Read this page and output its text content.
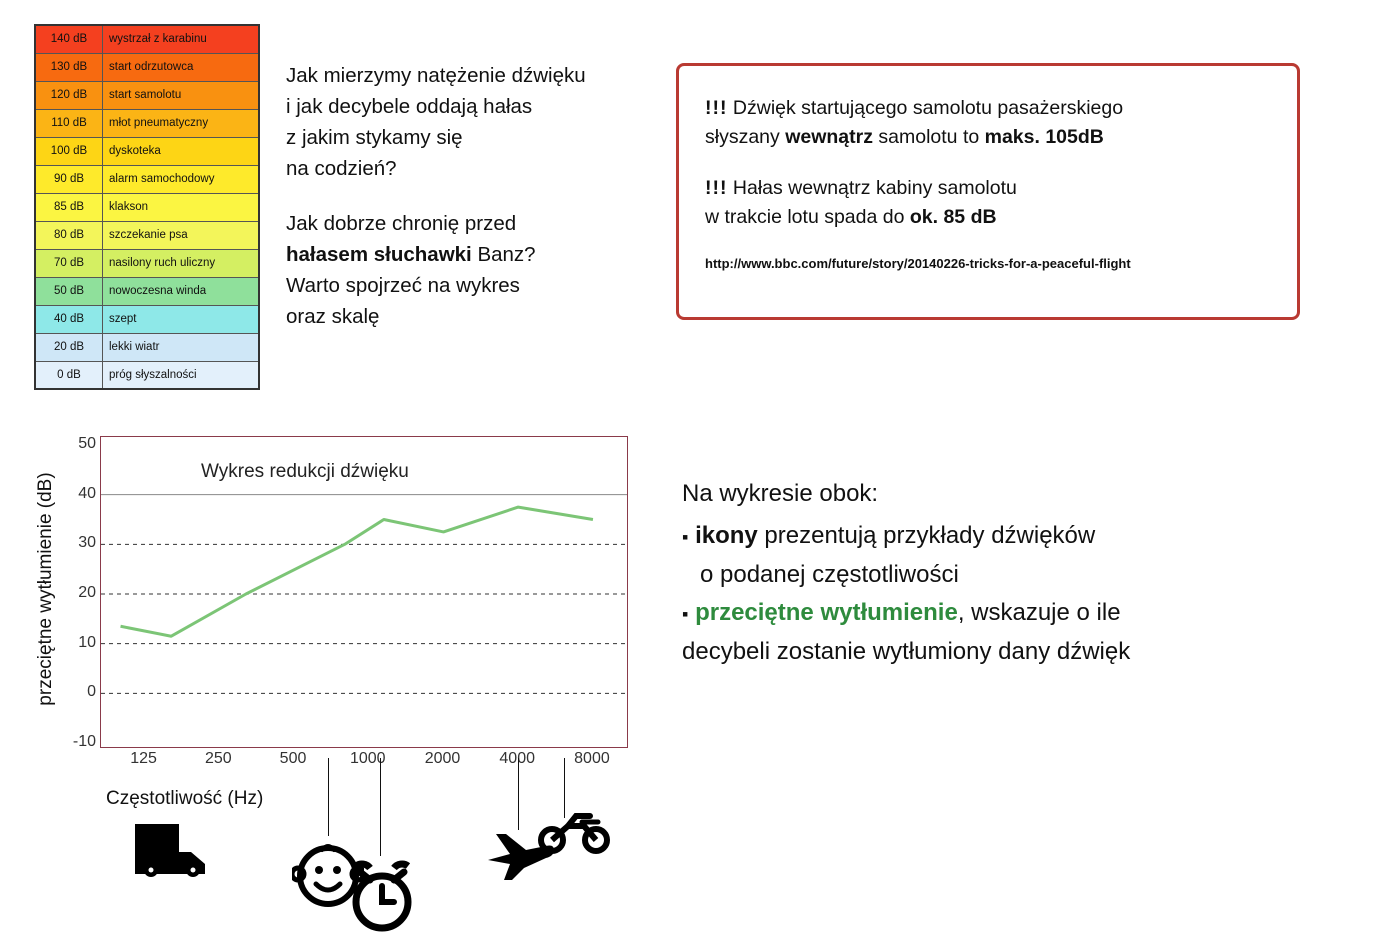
140 dB	wystrzał z karabinu
130 dB	start odrzutowca
120 dB	start samolotu
110 dB	młot pneumatyczny
100 dB	dyskoteka
90 dB	alarm samochodowy
85 dB	klakson
80 dB	szczekanie psa
70 dB	nasilony ruch uliczny
50 dB	nowoczesna winda
40 dB	szept
20 dB	lekki wiatr
0 dB	próg słyszalności
Jak mierzymy natężenie dźwięku
i jak decybele oddają hałas
z jakim stykamy się
na codzień?
Jak dobrze chronię przed
hałasem słuchawki Banz?
Warto spojrzeć na wykres
oraz skalę
!!! Dźwięk startującego samolotu pasażerskiego
słyszany wewnątrz samolotu to maks. 105dB
!!! Hałas wewnątrz kabiny samolotu
w trakcie lotu spada do ok. 85 dB
http://www.bbc.com/future/story/20140226-tricks-for-a-peaceful-flight
przeciętne wytłumienie (dB)
-10
0
10
20
30
40
50
Wykres redukcji dźwięku
125	250	500	1000 2000 4000 8000
Częstotliwość (Hz)
Na wykresie obok:
▪ ikony prezentują przykłady dźwięków
o podanej częstotliwości
▪ przeciętne wytłumienie, wskazuje o ile
decybeli zostanie wytłumiony dany dźwięk
